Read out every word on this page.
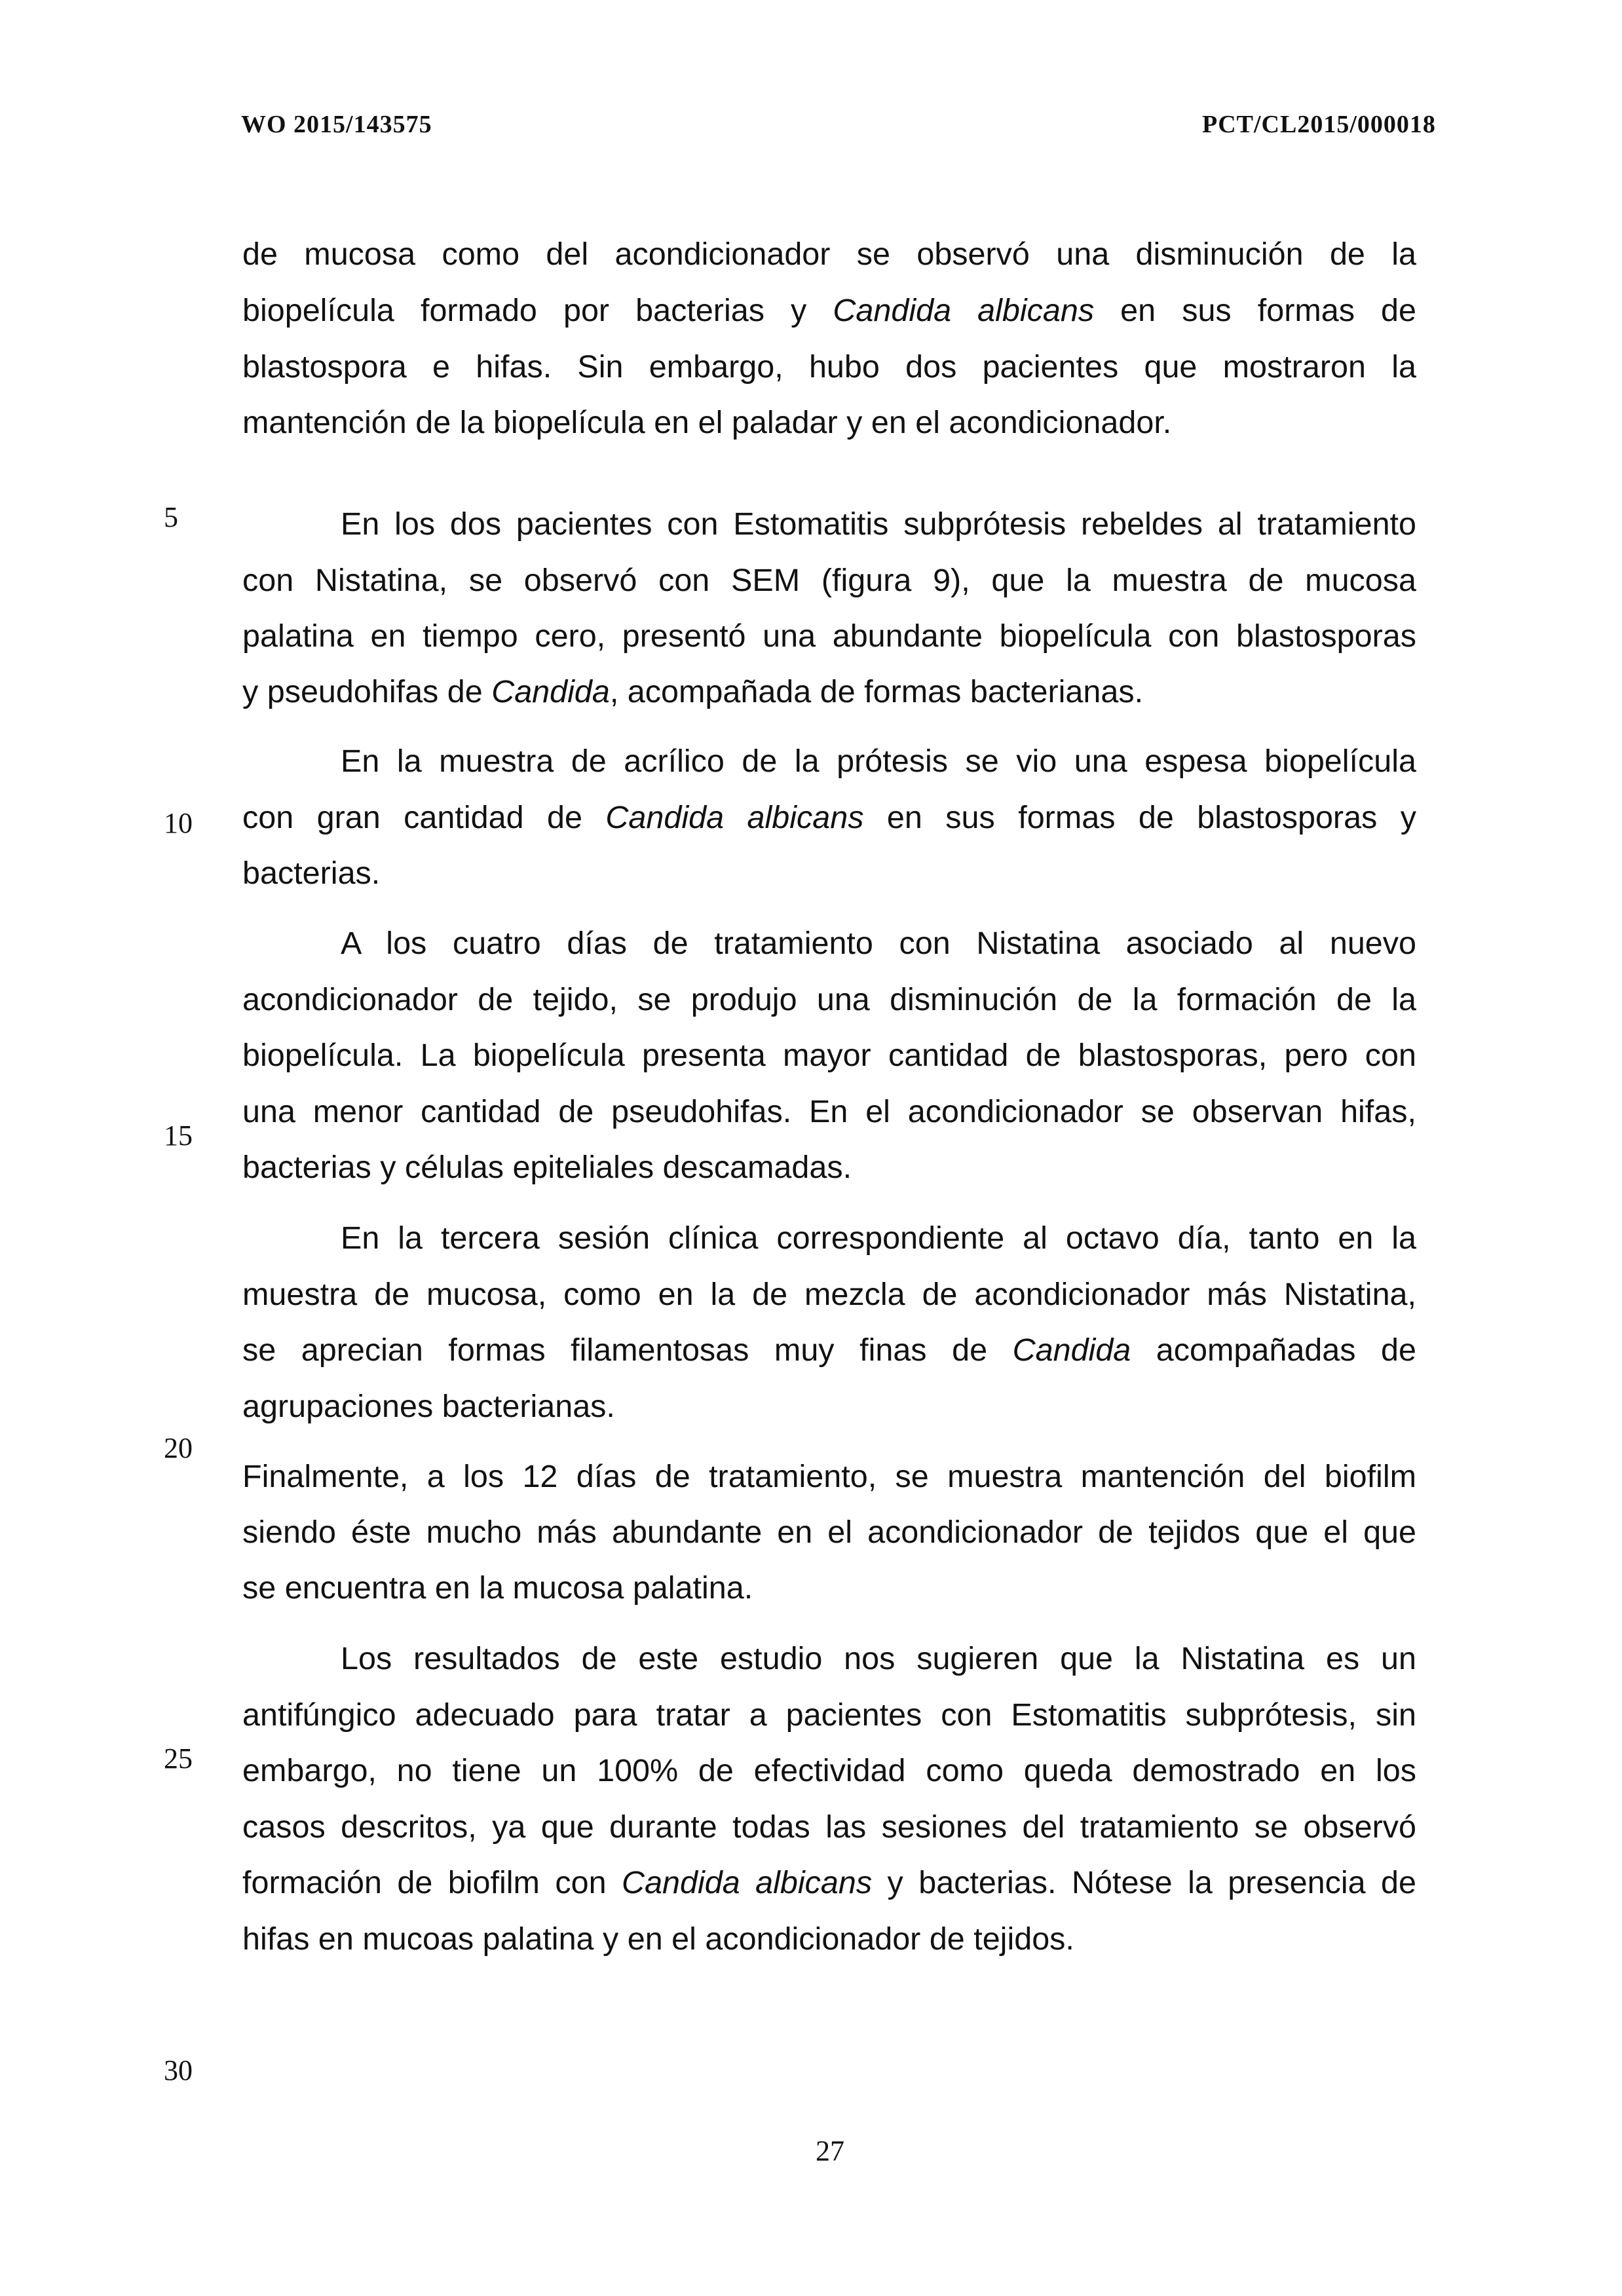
WO 2015/143575	PCT/CL2015/000018
de mucosa como del acondicionador se observó una disminución de la
biopelícula formado por bacterias y Candida albicans en sus formas de
blastospora e hifas. Sin embargo, hubo dos pacientes que mostraron la
mantención de la biopelícula en el paladar y en el acondicionador.
En los dos pacientes con Estomatitis subprótesis rebeldes al tratamiento
con Nistatina, se observó con SEM (figura 9), que la muestra de mucosa
palatina en tiempo cero, presentó una abundante biopelícula con blastosporas
y pseudohifas de Candida, acompañada de formas bacterianas.
En la muestra de acrílico de la prótesis se vio una espesa biopelícula
con gran cantidad de Candida albicans en sus formas de blastosporas y
bacterias.
A los cuatro días de tratamiento con Nistatina asociado al nuevo
acondicionador de tejido, se produjo una disminución de la formación de la
biopelícula. La biopelícula presenta mayor cantidad de blastosporas, pero con
una menor cantidad de pseudohifas. En el acondicionador se observan hifas,
bacterias y células epiteliales descamadas.
En la tercera sesión clínica correspondiente al octavo día, tanto en la
muestra de mucosa, como en la de mezcla de acondicionador más Nistatina,
se aprecian formas filamentosas muy finas de Candida acompañadas de
agrupaciones bacterianas.
Finalmente, a los 12 días de tratamiento, se muestra mantención del biofilm
siendo éste mucho más abundante en el acondicionador de tejidos que el que
se encuentra en la mucosa palatina.
Los resultados de este estudio nos sugieren que la Nistatina es un
antifúngico adecuado para tratar a pacientes con Estomatitis subprótesis, sin
embargo, no tiene un 100% de efectividad como queda demostrado en los
casos descritos, ya que durante todas las sesiones del tratamiento se observó
formación de biofilm con Candida albicans y bacterias. Nótese la presencia de
hifas en mucoas palatina y en el acondicionador de tejidos.
5
10
15
20
25
30
27
